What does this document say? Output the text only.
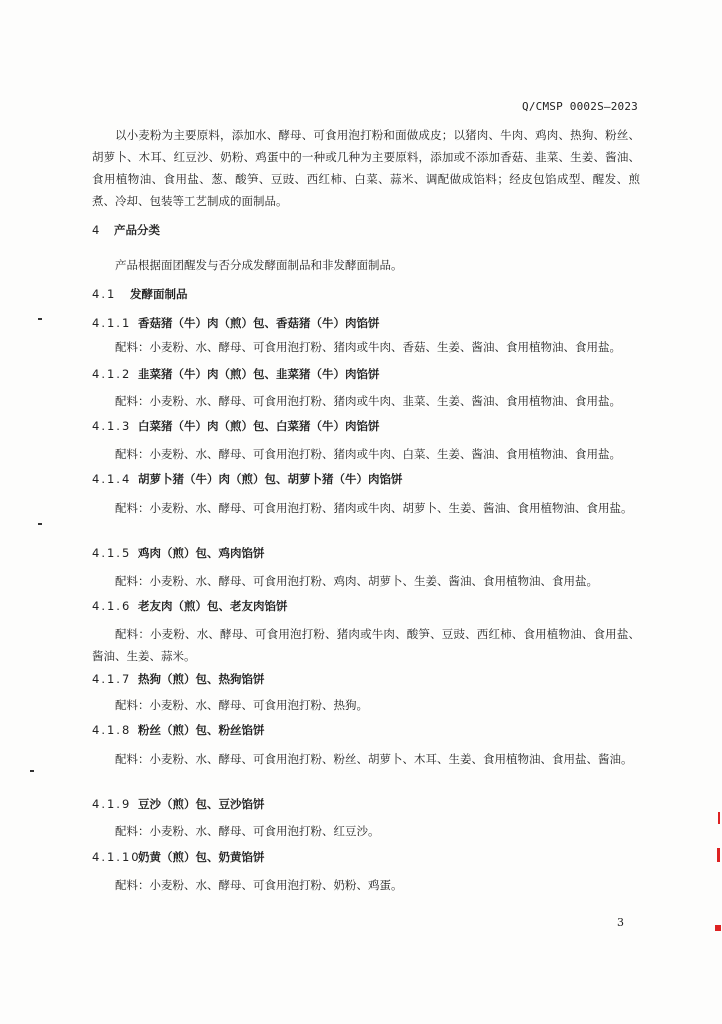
Q/CMSP 0002S—2023

以小麦粉为主要原料，添加水、酵母、可食用泡打粉和面做成皮；以猪肉、牛肉、鸡肉、热狗、粉丝、胡萝卜、木耳、红豆沙、奶粉、鸡蛋中的一种或几种为主要原料，添加或不添加香菇、韭菜、生姜、酱油、食用植物油、食用盐、葱、酸笋、豆豉、西红柿、白菜、蒜米、调配做成馅料；经皮包馅成型、醒发、煎煮、冷却、包装等工艺制成的面制品。

4 产品分类

产品根据面团醒发与否分成发酵面制品和非发酵面制品。

4.1 发酵面制品
4.1.1 香菇猪（牛）肉（煎）包、香菇猪（牛）肉馅饼

配料：小麦粉、水、酵母、可食用泡打粉、猪肉或牛肉、香菇、生姜、酱油、食用植物油、食用盐。

4.1.2 韭菜猪（牛）肉（煎）包、韭菜猪（牛）肉馅饼

配料：小麦粉、水、酵母、可食用泡打粉、猪肉或牛肉、韭菜、生姜、酱油、食用植物油、食用盐。

4.1.3 白菜猪（牛）肉（煎）包、白菜猪（牛）肉馅饼

配料：小麦粉、水、酵母、可食用泡打粉、猪肉或牛肉、白菜、生姜、酱油、食用植物油、食用盐。

4.1.4 胡萝卜猪（牛）肉（煎）包、胡萝卜猪（牛）肉馅饼

配料：小麦粉、水、酵母、可食用泡打粉、猪肉或牛肉、胡萝卜、生姜、酱油、食用植物油、食用盐。

4.1.5 鸡肉（煎）包、鸡肉馅饼

配料：小麦粉、水、酵母、可食用泡打粉、鸡肉、胡萝卜、生姜、酱油、食用植物油、食用盐。

4.1.6 老友肉（煎）包、老友肉馅饼

配料：小麦粉、水、酵母、可食用泡打粉、猪肉或牛肉、酸笋、豆豉、西红柿、食用植物油、食用盐、酱油、生姜、蒜米。

4.1.7 热狗（煎）包、热狗馅饼

配料：小麦粉、水、酵母、可食用泡打粉、热狗。

4.1.8 粉丝（煎）包、粉丝馅饼

配料：小麦粉、水、酵母、可食用泡打粉、粉丝、胡萝卜、木耳、生姜、食用植物油、食用盐、酱油。

4.1.9 豆沙（煎）包、豆沙馅饼

配料：小麦粉、水、酵母、可食用泡打粉、红豆沙。

4.1.10奶黄（煎）包、奶黄馅饼

配料：小麦粉、水、酵母、可食用泡打粉、奶粉、鸡蛋。

3
